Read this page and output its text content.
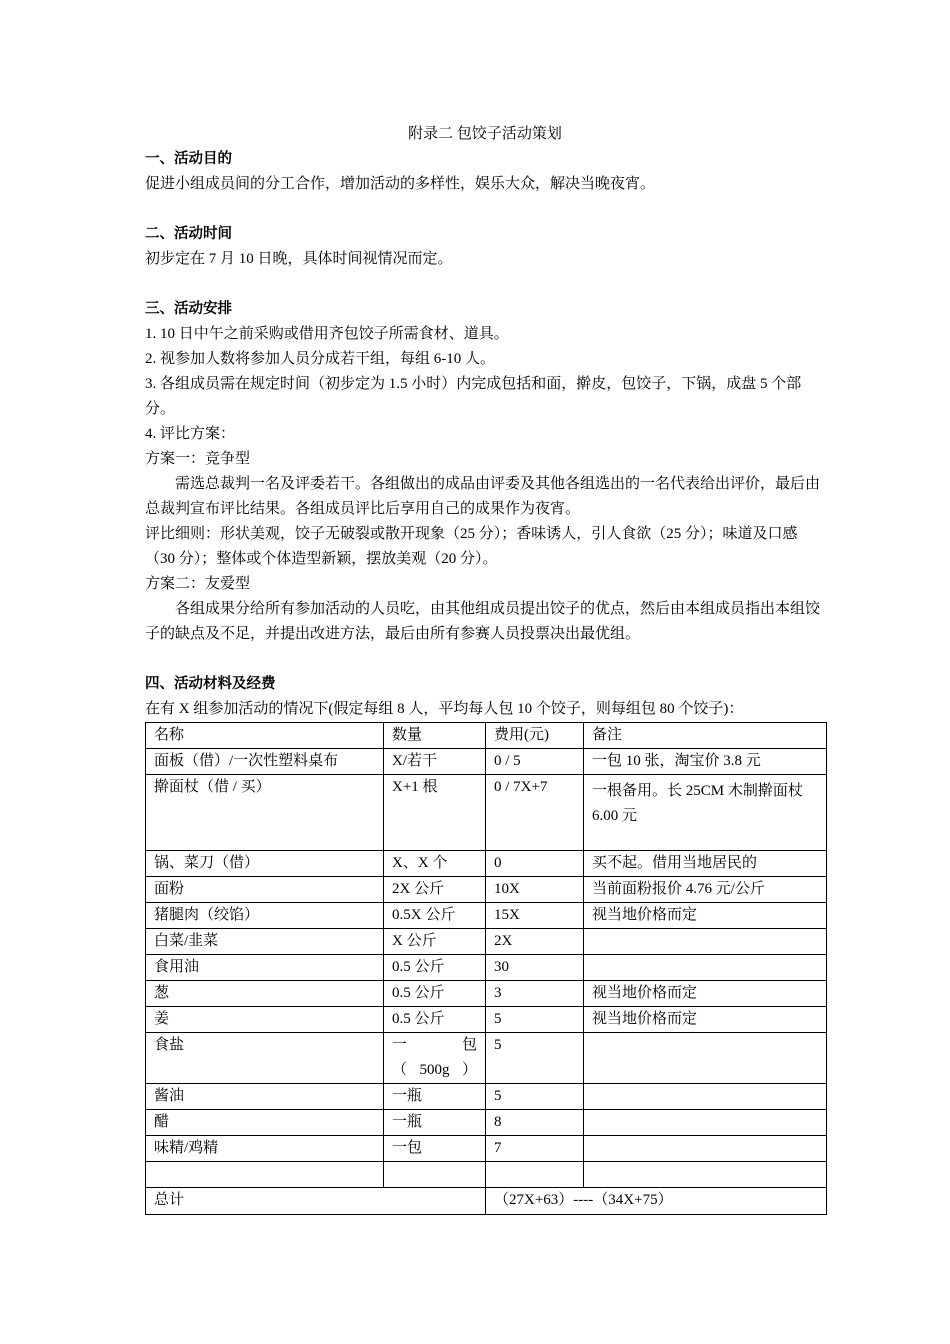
附录二 包饺子活动策划

一、活动目的

促进小组成员间的分工合作，增加活动的多样性，娱乐大众，解决当晚夜宵。

二、活动时间

初步定在 7 月 10 日晚，具体时间视情况而定。

三、活动安排

1. 10 日中午之前采购或借用齐包饺子所需食材、道具。

2. 视参加人数将参加人员分成若干组，每组 6-10 人。

3. 各组成员需在规定时间（初步定为 1.5 小时）内完成包括和面，擀皮，包饺子，下锅，成盘 5 个部分。

4. 评比方案：

方案一：竞争型

需选总裁判一名及评委若干。各组做出的成品由评委及其他各组选出的一名代表给出评价，最后由总裁判宣布评比结果。各组成员评比后享用自己的成果作为夜宵。

评比细则：形状美观，饺子无破裂或散开现象（25 分）；香味诱人，引人食欲（25 分）；味道及口感（30 分）；整体或个体造型新颖，摆放美观（20 分）。

方案二：友爱型

各组成果分给所有参加活动的人员吃，由其他组成员提出饺子的优点，然后由本组成员指出本组饺子的缺点及不足，并提出改进方法，最后由所有参赛人员投票决出最优组。

四、活动材料及经费

在有 X 组参加活动的情况下(假定每组 8 人，平均每人包 10 个饺子，则每组包 80 个饺子)：

名称	数量	费用(元)	备注
面板（借）/一次性塑料桌布	X/若干	0 / 5	一包 10 张，淘宝价 3.8 元
擀面杖（借 / 买）	X+1 根	0 / 7X+7	一根备用。长 25CM 木制擀面杖 6.00 元
锅、菜刀（借）	X、X 个	0	买不起。借用当地居民的
面粉	2X 公斤	10X	当前面粉报价 4.76 元/公斤
猪腿肉（绞馅）	0.5X 公斤	15X	视当地价格而定
白菜/韭菜	X 公斤	2X	
食用油	0.5 公斤	30	
葱	0.5 公斤	3	视当地价格而定
姜	0.5 公斤	5	视当地价格而定
食盐	一 包（500g）	5	
酱油	一瓶	5	
醋	一瓶	8	
味精/鸡精	一包	7	

总计		（27X+63）----（34X+75）	
